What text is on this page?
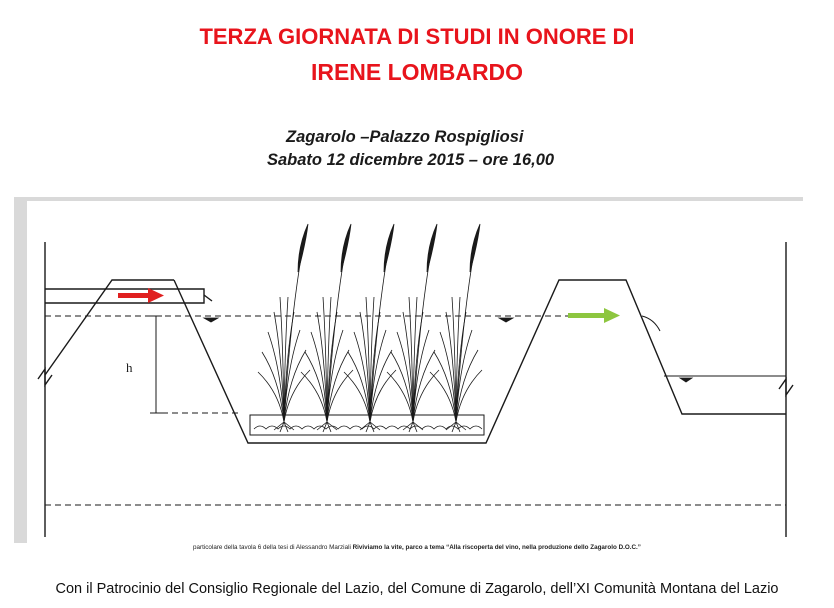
TERZA GIORNATA DI STUDI IN ONORE DI
IRENE LOMBARDO

Zagarolo –Palazzo Rospigliosi

Sabato 12 dicembre 2015 – ore 16,00

h

particolare della tavola 6 della tesi di Alessandro Marziali Riviviamo la vite, parco a tema “Alla riscoperta del vino, nella produzione dello Zagarolo D.O.C.”

Con il Patrocinio del Consiglio Regionale del Lazio, del Comune di Zagarolo, dell’XI Comunità Montana del Lazio
